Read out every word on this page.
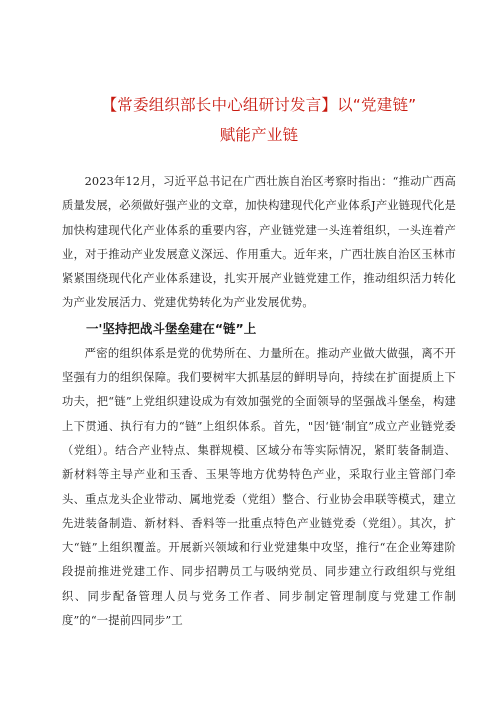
【常委组织部长中心组研讨发言】以“党建链”
赋能产业链

2023年12月，习近平总书记在广西壮族自治区考察时指出：“推动广西高质量发展，必须做好强产业的文章，加快构建现代化产业体系J产业链现代化是加快构建现代化产业体系的重要内容，产业链党建一头连着组织，一头连着产业，对于推动产业发展意义深远、作用重大。近年来，广西壮族自治区玉林市紧紧围绕现代化产业体系建设，扎实开展产业链党建工作，推动组织活力转化为产业发展活力、党建优势转化为产业发展优势。

一'坚持把战斗堡垒建在“链”上

严密的组织体系是党的优势所在、力量所在。推动产业做大做强，离不开坚强有力的组织保障。我们要树牢大抓基层的鲜明导向，持续在扩面提质上下功夫，把“链”上党组织建设成为有效加强党的全面领导的坚强战斗堡垒，构建上下贯通、执行有力的“链”上组织体系。首先，"因‘链‘制宜”成立产业链党委（党组）。结合产业特点、集群规模、区域分布等实际情况，紧盯装备制造、新材料等主导产业和玉香、玉果等地方优势特色产业，采取行业主管部门牵头、重点龙头企业带动、属地党委（党组）整合、行业协会串联等模式，建立先进装备制造、新材料、香料等一批重点特色产业链党委（党组）。其次，扩大“链”上组织覆盖。开展新兴领域和行业党建集中攻坚，推行“在企业筹建阶段提前推进党建工作、同步招聘员工与吸纳党员、同步建立行政组织与党组织、同步配备管理人员与党务工作者、同步制定管理制度与党建工作制度”的“一提前四同步”工
